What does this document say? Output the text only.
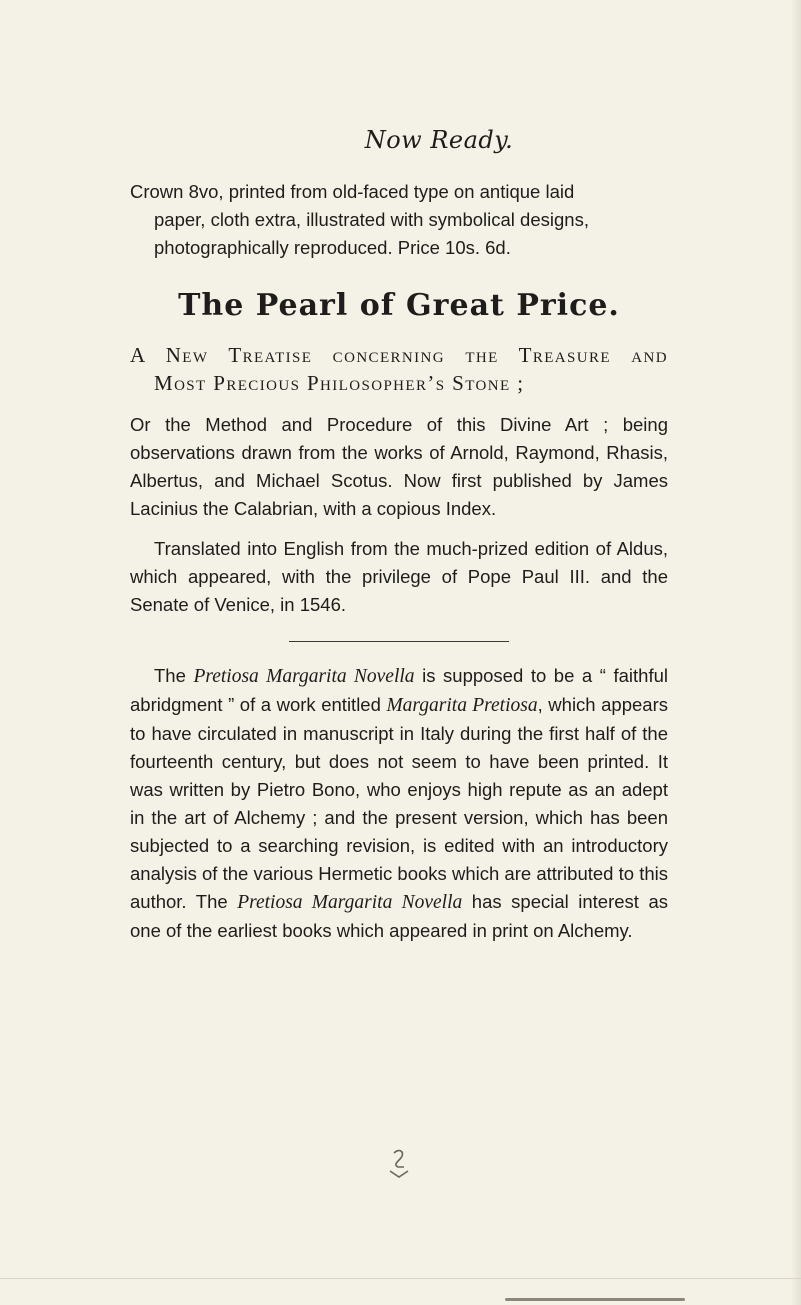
Now Ready.
Crown 8vo, printed from old-faced type on antique laid
paper, cloth extra, illustrated with symbolical designs,
photographically reproduced. Price 10s. 6d.
The Pearl of Great Price.
A New Treatise concerning the Treasure and
Most Precious Philosopher’s Stone ;

Or the Method and Procedure of this Divine Art ; being observations drawn from the works of Arnold, Raymond, Rhasis, Albertus, and Michael Scotus. Now first published by James Lacinius the Calabrian, with a copious Index.

Translated into English from the much-prized edition of Aldus, which appeared, with the privilege of Pope Paul III. and the Senate of Venice, in 1546.

The Pretiosa Margarita Novella is supposed to be a “ faithful abridgment ” of a work entitled Margarita Pretiosa, which appears to have circulated in manuscript in Italy during the first half of the fourteenth century, but does not seem to have been printed. It was written by Pietro Bono, who enjoys high repute as an adept in the art of Alchemy ; and the present version, which has been subjected to a searching revision, is edited with an introductory analysis of the various Hermetic books which are attributed to this author. The Pretiosa Margarita Novella has special interest as one of the earliest books which appeared in print on Alchemy.
